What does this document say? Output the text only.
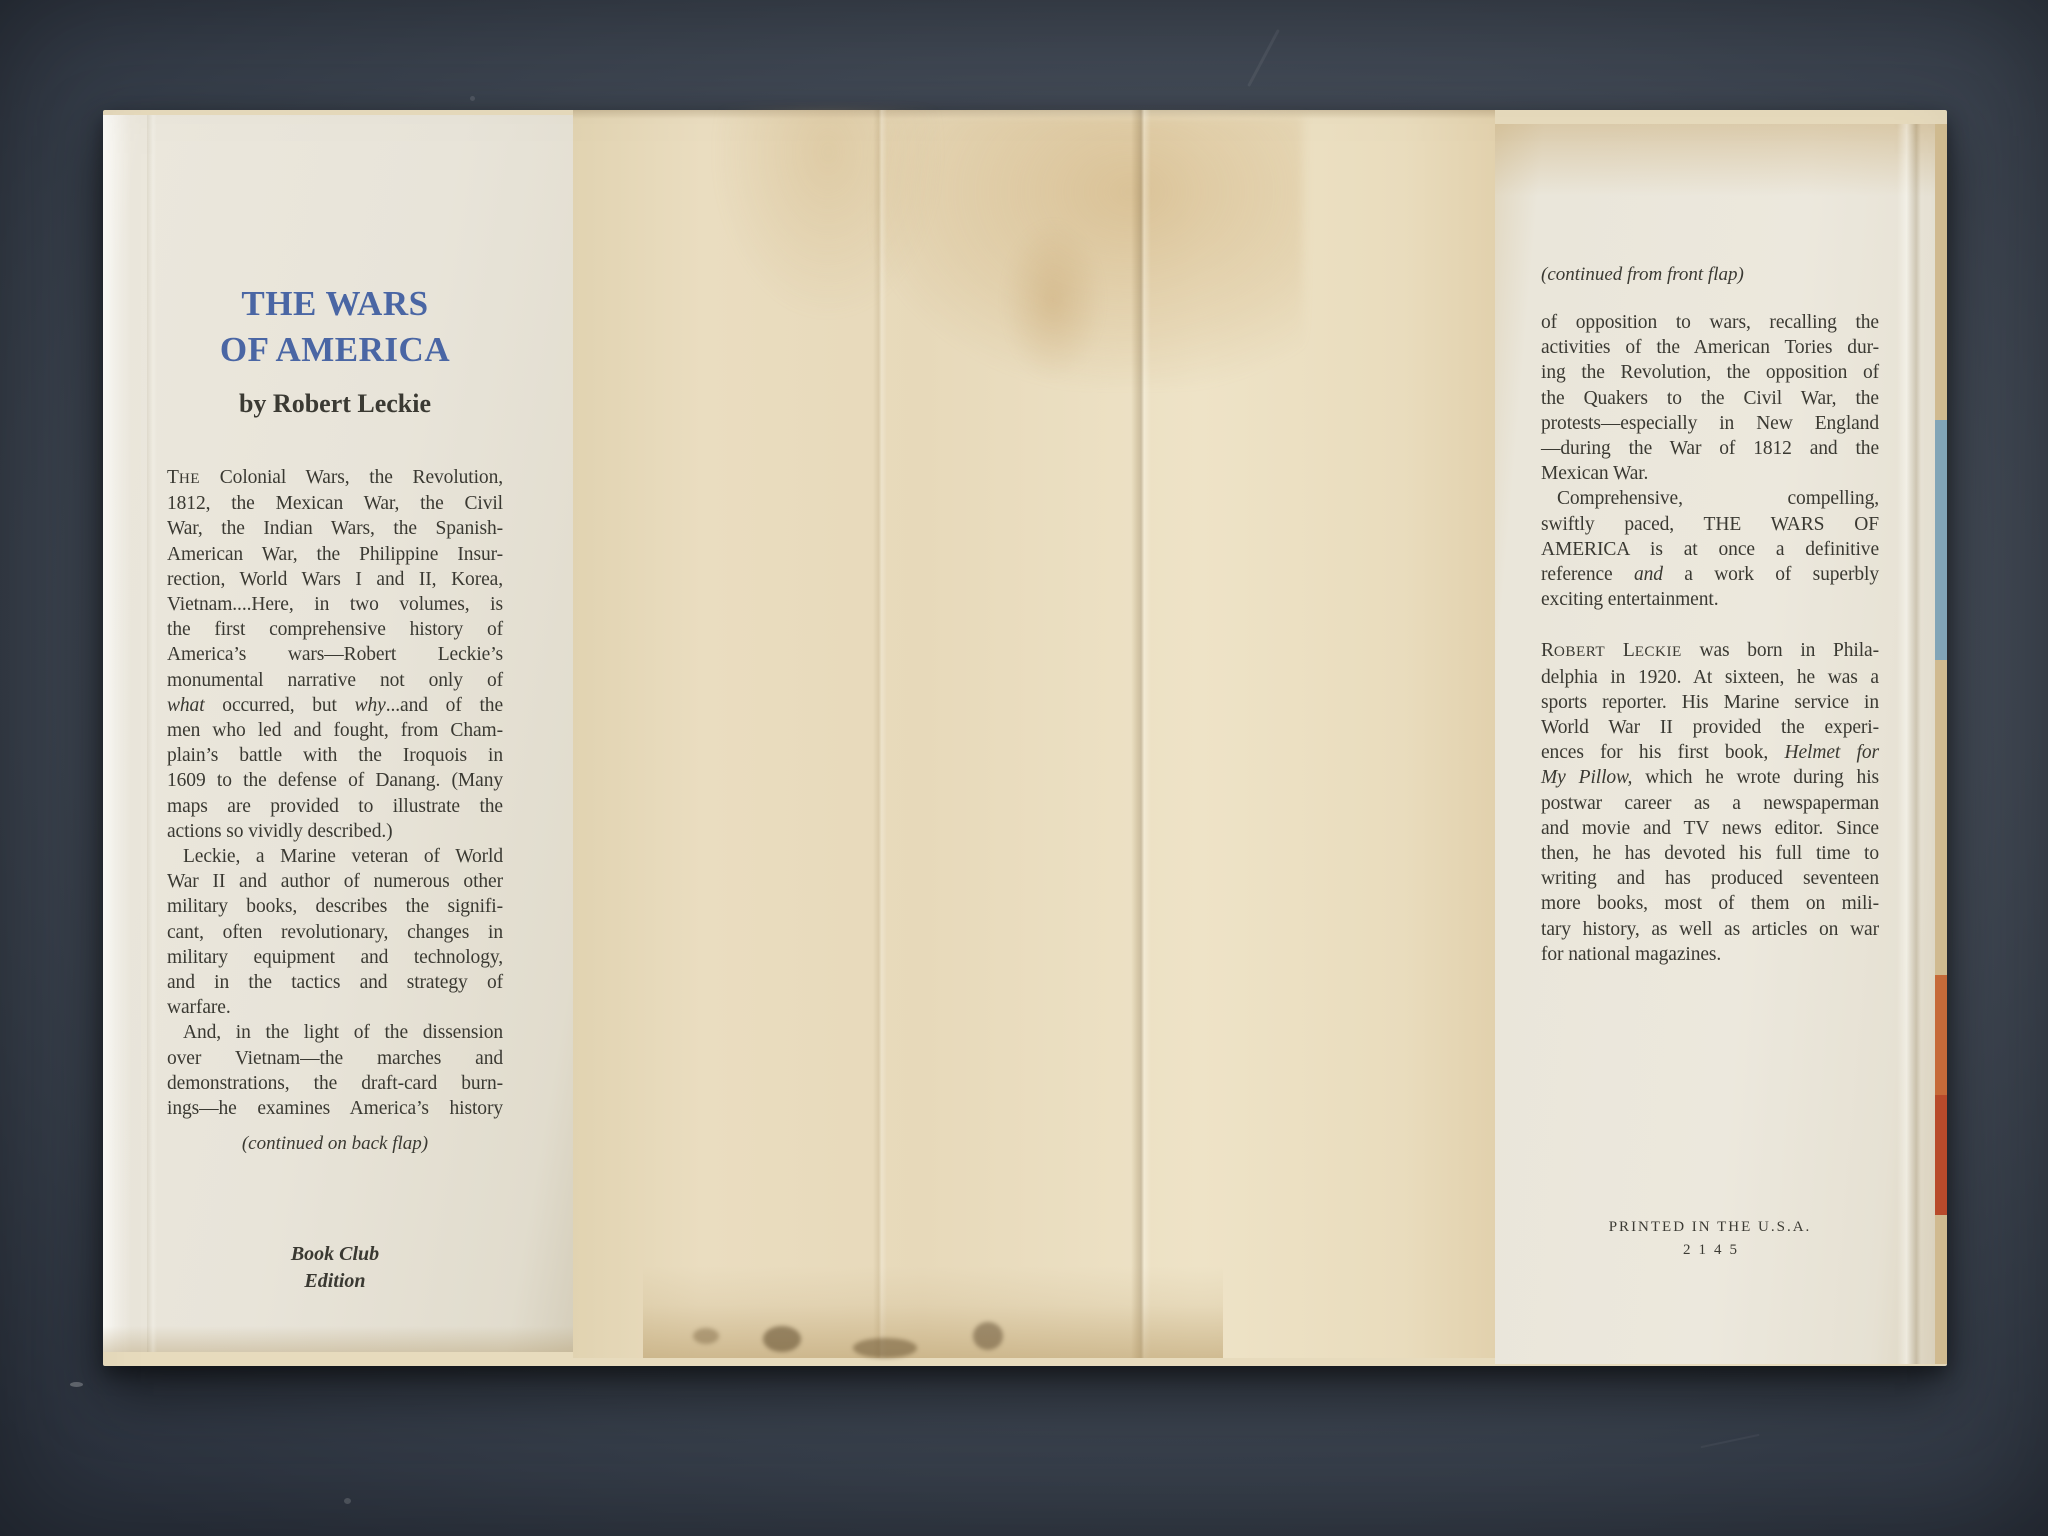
THE WARS
OF AMERICA
by Robert Leckie
THE Colonial Wars, the Revolution,
1812, the Mexican War, the Civil
War, the Indian Wars, the Spanish-
American War, the Philippine Insur-
rection, World Wars I and II, Korea,
Vietnam....Here, in two volumes, is
the first comprehensive history of
America’s wars—Robert Leckie’s
monumental narrative not only of
what occurred, but why...and of the
men who led and fought, from Cham-
plain’s battle with the Iroquois in
1609 to the defense of Danang. (Many
maps are provided to illustrate the
actions so vividly described.)
Leckie, a Marine veteran of World
War II and author of numerous other
military books, describes the signifi-
cant, often revolutionary, changes in
military equipment and technology,
and in the tactics and strategy of
warfare.
And, in the light of the dissension
over Vietnam—the marches and
demonstrations, the draft-card burn-
ings—he examines America’s history
(continued on back flap)
Book Club
Edition
(continued from front flap)
of opposition to wars, recalling the
activities of the American Tories dur-
ing the Revolution, the opposition of
the Quakers to the Civil War, the
protests—especially in New England
—during the War of 1812 and the
Mexican War.
Comprehensive, compelling,
swiftly paced, THE WARS OF
AMERICA is at once a definitive
reference and a work of superbly
exciting entertainment.
ROBERT LECKIE was born in Phila-
delphia in 1920. At sixteen, he was a
sports reporter. His Marine service in
World War II provided the experi-
ences for his first book, Helmet for
My Pillow, which he wrote during his
postwar career as a newspaperman
and movie and TV news editor. Since
then, he has devoted his full time to
writing and has produced seventeen
more books, most of them on mili-
tary history, as well as articles on war
for national magazines.
PRINTED IN THE U.S.A.
2145
